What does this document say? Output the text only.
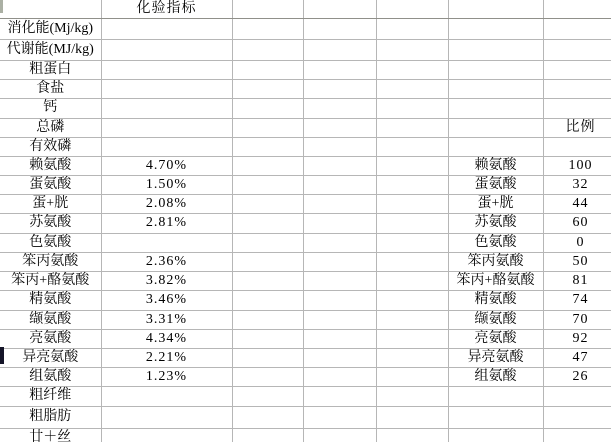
	化验指标					
消化能(Mj/kg)						
代谢能(MJ/kg)						
粗蛋白						
食盐						
钙						
总磷						比例
有效磷						
赖氨酸	4.70%				赖氨酸	100
蛋氨酸	1.50%				蛋氨酸	32
蛋+胱	2.08%				蛋+胱	44
苏氨酸	2.81%				苏氨酸	60
色氨酸					色氨酸	0
笨丙氨酸	2.36%				笨丙氨酸	50
笨丙+酪氨酸	3.82%				笨丙+酪氨酸	81
精氨酸	3.46%				精氨酸	74
缬氨酸	3.31%				缬氨酸	70
亮氨酸	4.34%				亮氨酸	92
异亮氨酸	2.21%				异亮氨酸	47
组氨酸	1.23%				组氨酸	26
粗纤维						
粗脂肪						
廿＋丝						
